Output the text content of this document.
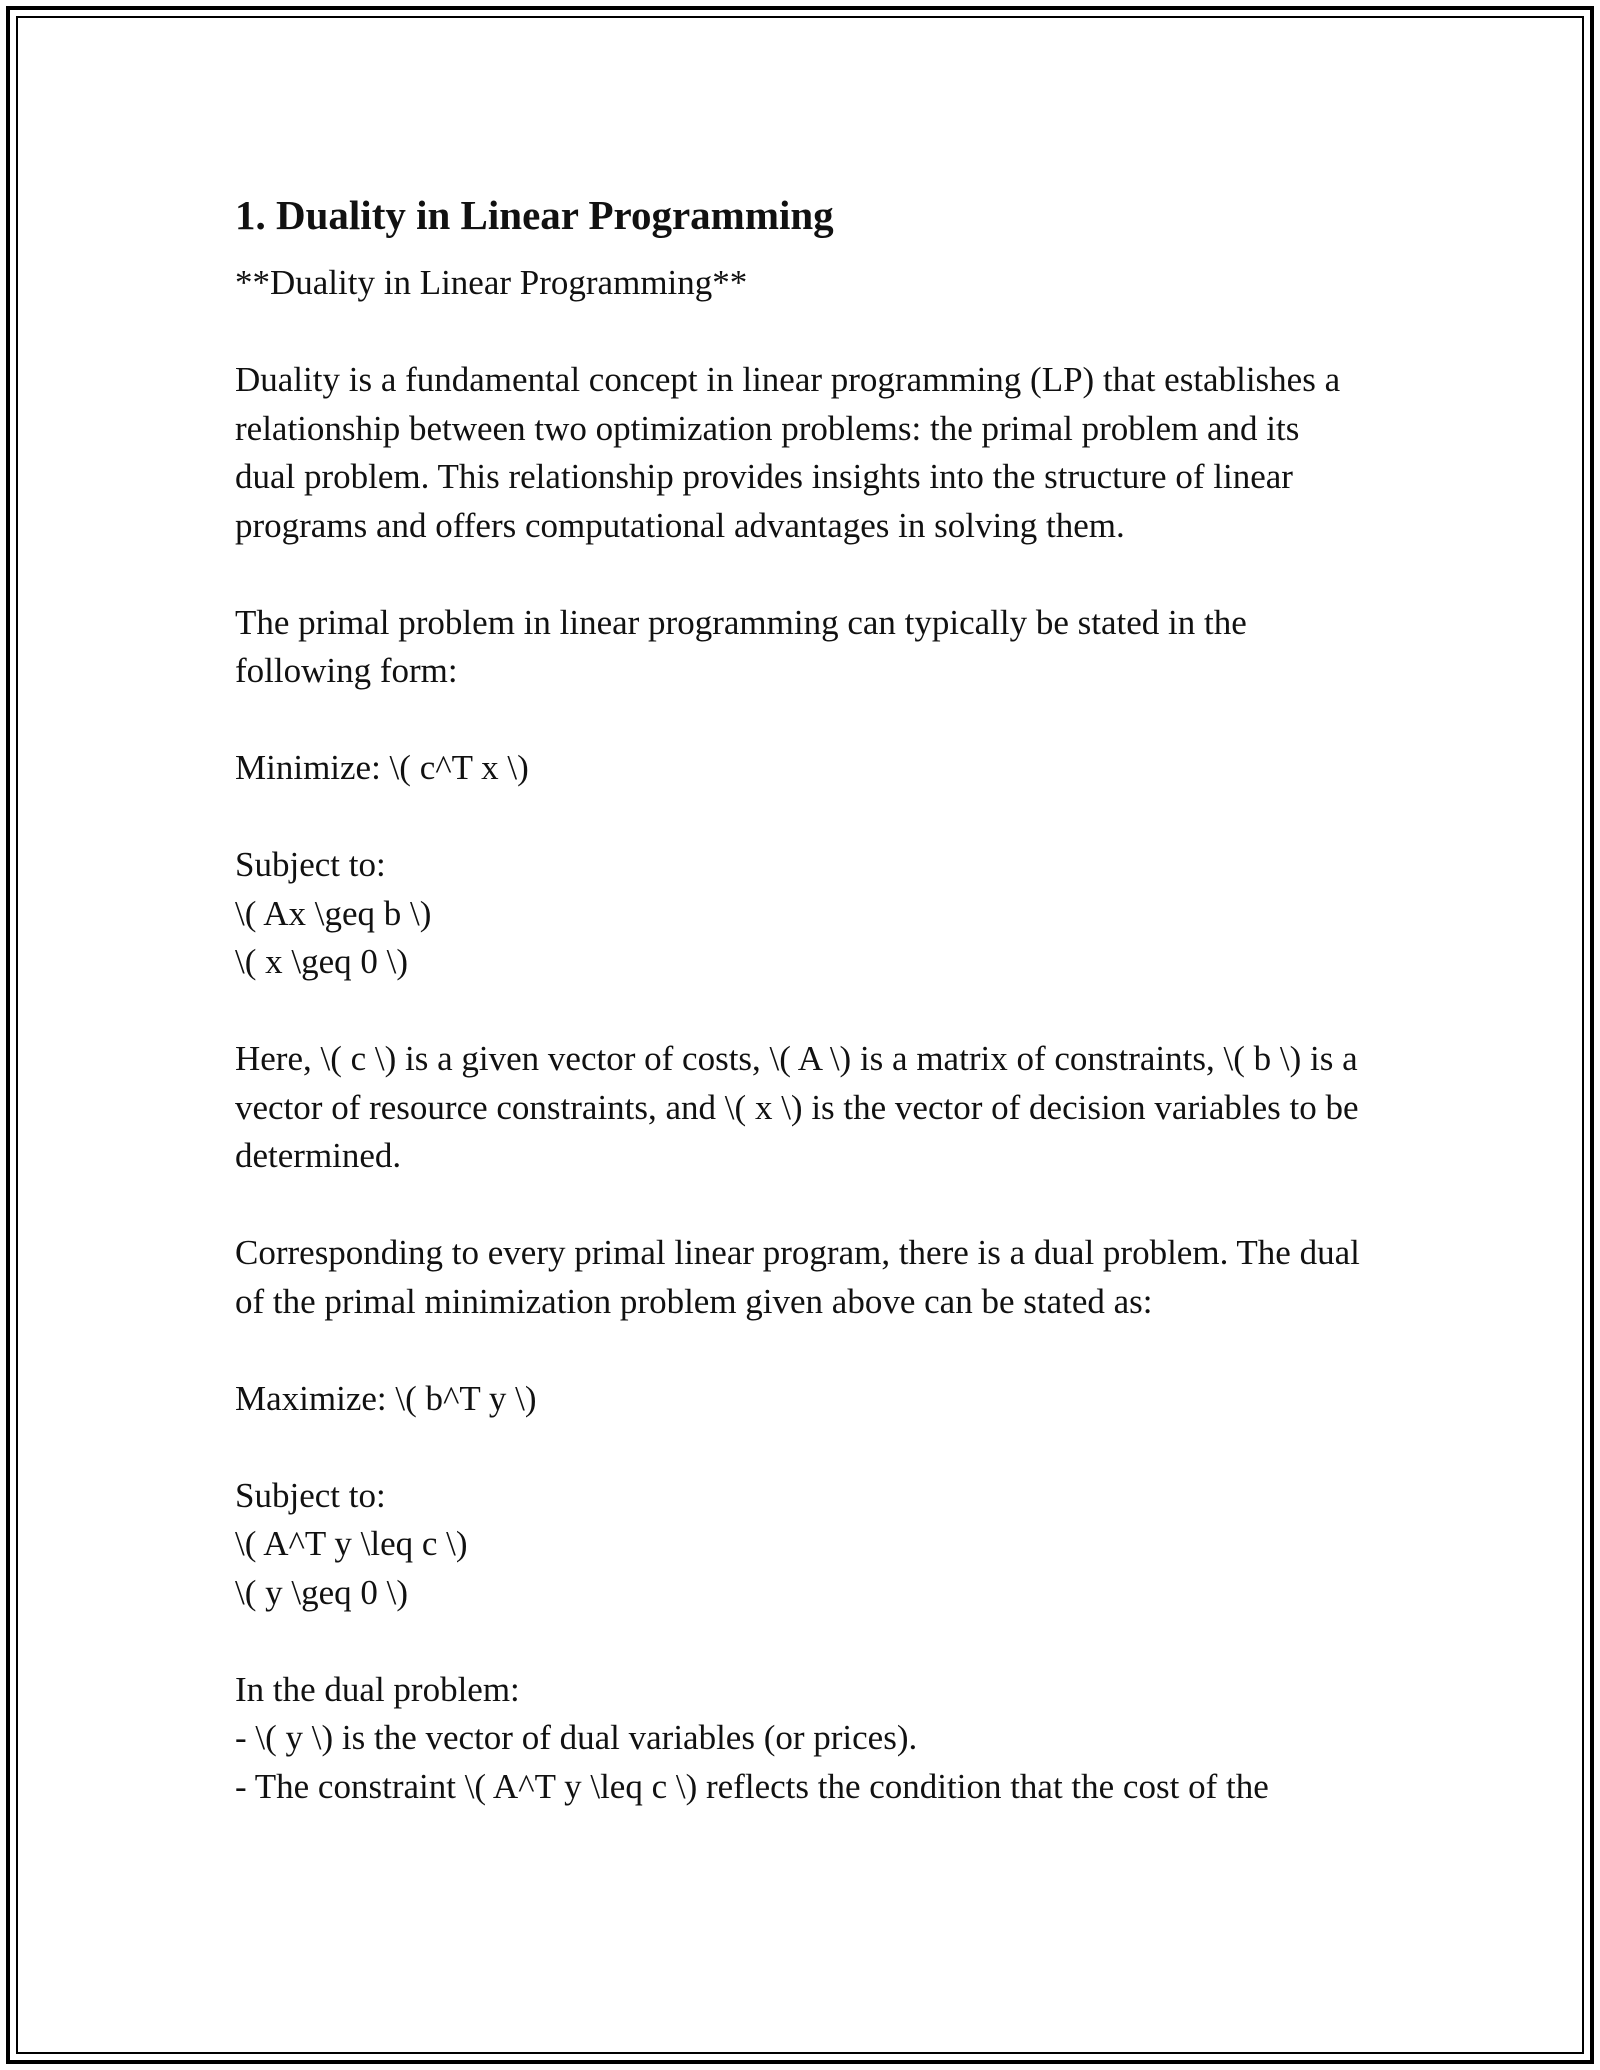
1. Duality in Linear Programming

**Duality in Linear Programming**

Duality is a fundamental concept in linear programming (LP) that establishes a relationship between two optimization problems: the primal problem and its dual problem. This relationship provides insights into the structure of linear programs and offers computational advantages in solving them.

The primal problem in linear programming can typically be stated in the following form:

Minimize: \( c^T x \)

Subject to:
\( Ax \geq b \)
\( x \geq 0 \)

Here, \( c \) is a given vector of costs, \( A \) is a matrix of constraints, \( b \) is a vector of resource constraints, and \( x \) is the vector of decision variables to be determined.

Corresponding to every primal linear program, there is a dual problem. The dual of the primal minimization problem given above can be stated as:

Maximize: \( b^T y \)

Subject to:
\( A^T y \leq c \)
\( y \geq 0 \)

In the dual problem:
- \( y \) is the vector of dual variables (or prices).
- The constraint \( A^T y \leq c \) reflects the condition that the cost of the
